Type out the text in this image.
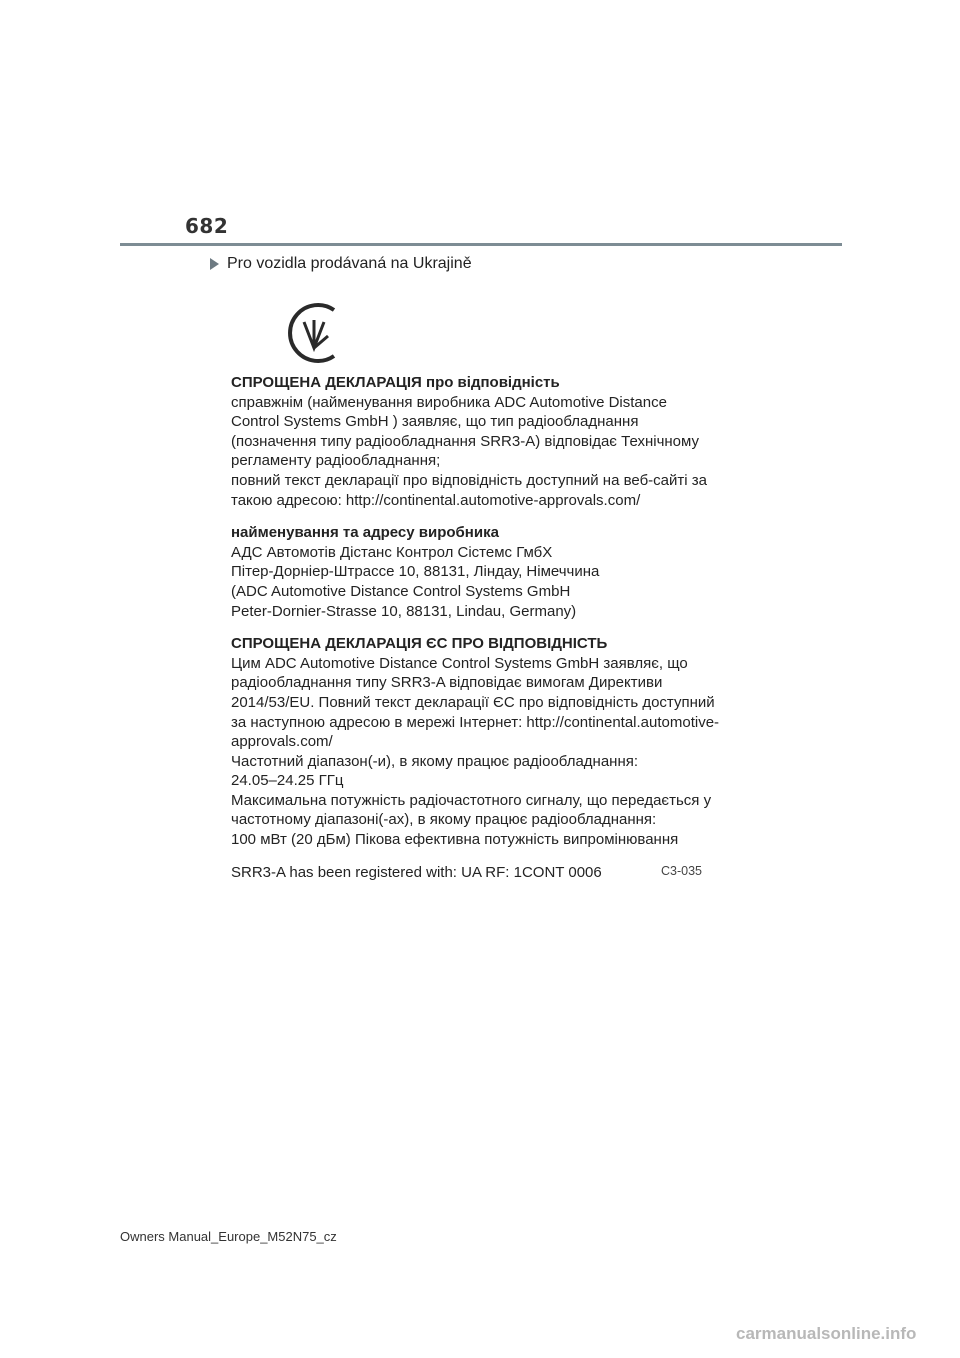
682
Pro vozidla prodávaná na Ukrajině

СПРОЩЕНА ДЕКЛАРАЦІЯ про відповідність

справжнім (найменування виробника ADC Automotive Distance

Control Systems GmbH ) заявляє, що тип радіообладнання

(позначення типу радіообладнання SRR3-A) відповідає Технічному

регламенту радіообладнання;

повний текст декларації про відповідність доступний на веб-сайті за

такою адресою: http://continental.automotive-approvals.com/

найменування та адресу виробника

АДС Автомотів Дістанс Контрол Сістемс ГмбХ

Пітер-Дорніер-Штрассе 10, 88131, Ліндау, Німеччина

(ADC Automotive Distance Control Systems GmbH

Peter-Dornier-Strasse 10, 88131, Lindau, Germany)

СПРОЩЕНА ДЕКЛАРАЦІЯ ЄС ПРО ВІДПОВІДНІСТЬ

Цим ADC Automotive Distance Control Systems GmbH заявляє, що

радіообладнання типу SRR3-A відповідає вимогам Директиви

2014/53/EU. Повний текст декларації ЄС про відповідність доступний

за наступною адресою в мережі Інтернет: http://continental.automotive-

approvals.com/

Частотний діапазон(-и), в якому працює радіообладнання:

24.05–24.25 ГГц

Максимальна потужність радіочастотного сигналу, що передається у

частотному діапазоні(-ах), в якому працює радіообладнання:

100 мВт (20 дБм) Пікова ефективна потужність випромінювання

SRR3-A has been registered with: UA RF: 1CONT 0006	C3-035
Owners Manual_Europe_M52N75_cz
carmanualsonline.info
